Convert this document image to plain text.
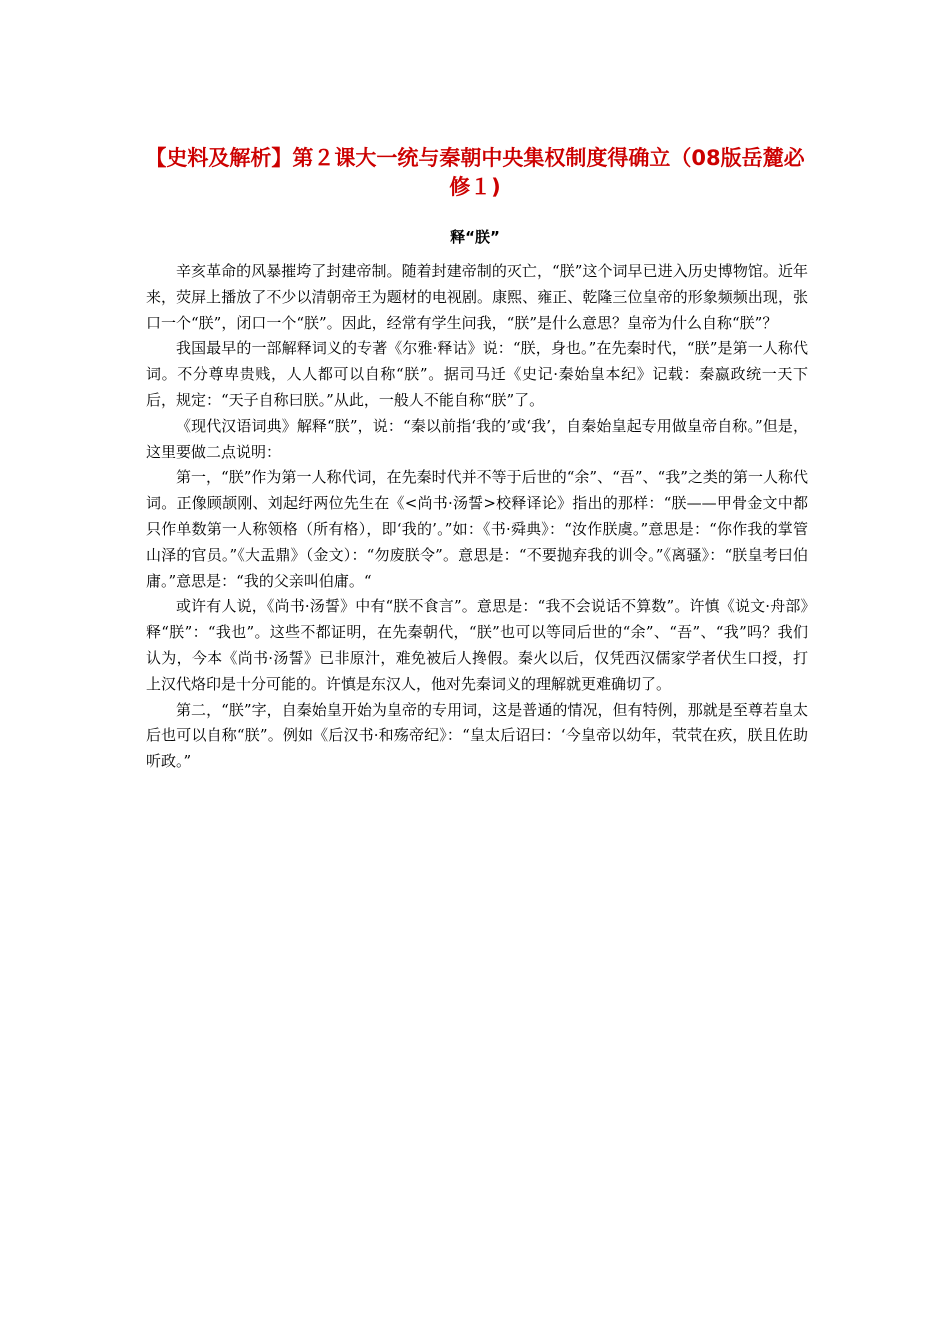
【史料及解析】第２课大一统与秦朝中央集权制度得确立（08版岳麓必修１)
释“朕”

辛亥革命的风暴摧垮了封建帝制。随着封建帝制的灭亡，“朕”这个词早已进入历史博物馆。近年来，荧屏上播放了不少以清朝帝王为题材的电视剧。康熙、雍正、乾隆三位皇帝的形象频频出现，张口一个“朕”，闭口一个“朕”。因此，经常有学生问我，“朕”是什么意思？皇帝为什么自称“朕”？

我国最早的一部解释词义的专著《尔雅·释诂》说：“朕，身也。”在先秦时代，“朕”是第一人称代词。不分尊卑贵贱，人人都可以自称“朕”。据司马迁《史记·秦始皇本纪》记载：秦嬴政统一天下后，规定：“天子自称曰朕。”从此，一般人不能自称“朕”了。

《现代汉语词典》解释“朕”，说：“秦以前指‘我的’或‘我’，自秦始皇起专用做皇帝自称。”但是，这里要做二点说明：

第一，“朕”作为第一人称代词，在先秦时代并不等于后世的“余”、“吾”、“我”之类的第一人称代词。正像顾颉刚、刘起纡两位先生在《<尚书·汤誓>校释译论》指出的那样：“朕——甲骨金文中都只作单数第一人称领格（所有格），即‘我的’。”如：《书·舜典》：“汝作朕虞。”意思是：“你作我的掌管山泽的官员。”《大盂鼎》（金文）：“勿废朕令”。意思是：“不要抛弃我的训令。”《离骚》：“朕皇考曰伯庸。”意思是：“我的父亲叫伯庸。“

或许有人说，《尚书·汤誓》中有“朕不食言”。意思是：“我不会说话不算数”。许慎《说文·舟部》释“朕”：“我也”。这些不都证明，在先秦朝代，“朕”也可以等同后世的“余”、“吾”、“我”吗？我们认为，今本《尚书·汤誓》已非原汁，难免被后人搀假。秦火以后，仅凭西汉儒家学者伏生口授，打上汉代烙印是十分可能的。许慎是东汉人，他对先秦词义的理解就更难确切了。

第二，“朕”字，自秦始皇开始为皇帝的专用词，这是普通的情况，但有特例，那就是至尊若皇太后也可以自称“朕”。例如《后汉书·和殇帝纪》：“皇太后诏曰：‘今皇帝以幼年，茕茕在疚，朕且佐助听政。”
